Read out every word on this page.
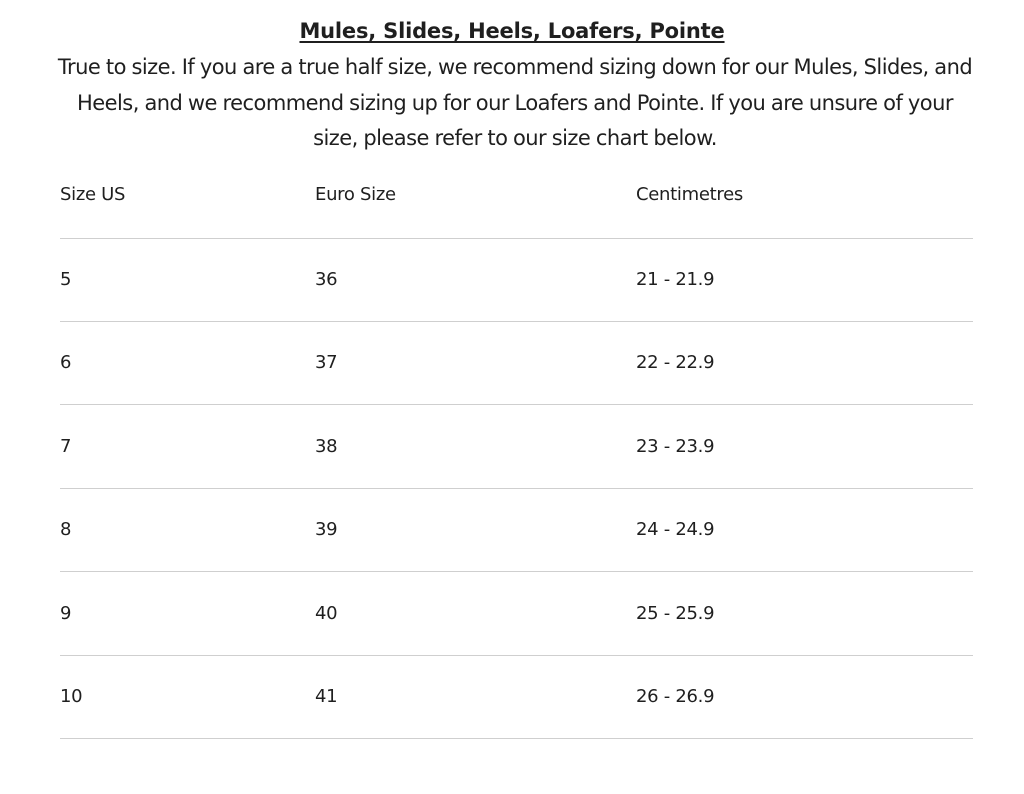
Mules, Slides, Heels, Loafers, Pointe
True to size. If you are a true half size, we recommend sizing down for our Mules, Slides, and Heels, and we recommend sizing up for our Loafers and Pointe. If you are unsure of your size, please refer to our size chart below.
Size US	Euro Size	Centimetres
5	36	21 - 21.9
6	37	22 - 22.9
7	38	23 - 23.9
8	39	24 - 24.9
9	40	25 - 25.9
10	41	26 - 26.9
